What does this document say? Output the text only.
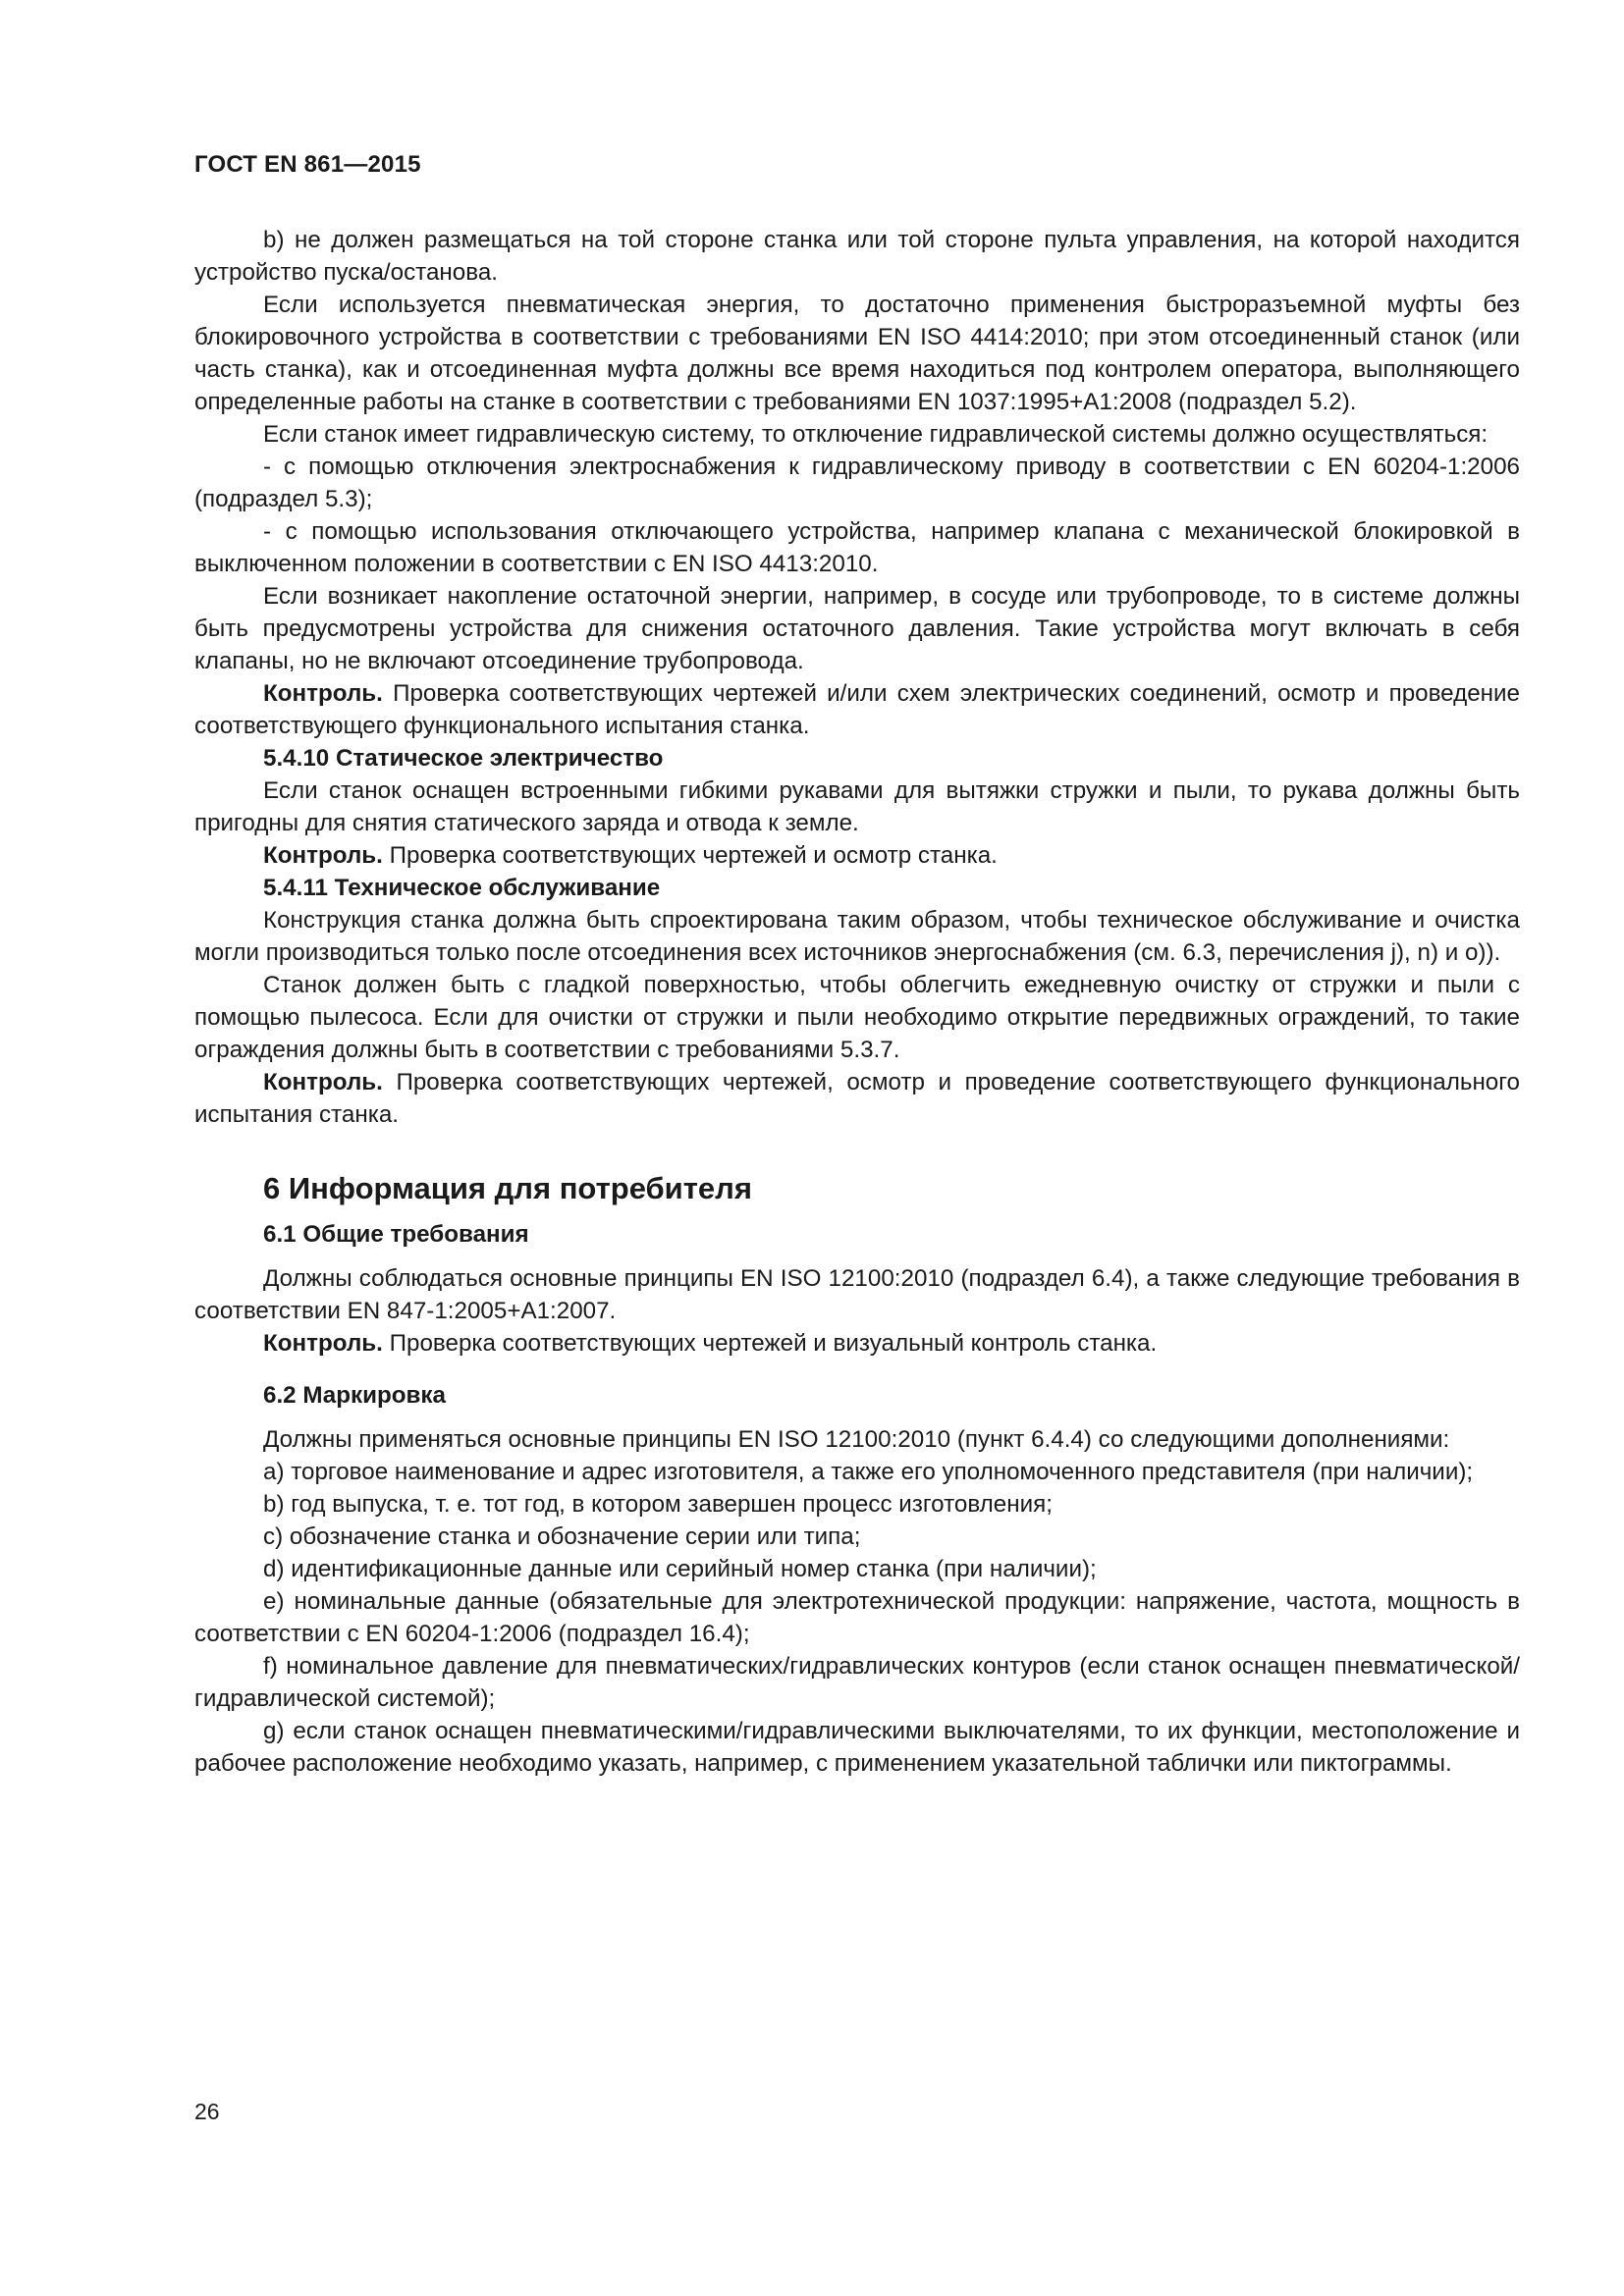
ГОСТ EN 861—2015

b) не должен размещаться на той стороне станка или той стороне пульта управления, на которой находится устройство пуска/останова.

Если используется пневматическая энергия, то достаточно применения быстроразъемной муфты без блокировочного устройства в соответствии с требованиями EN ISO 4414:2010; при этом отсоединенный станок (или часть станка), как и отсоединенная муфта должны все время находиться под контролем оператора, выполняющего определенные работы на станке в соответствии с требованиями EN 1037:1995+A1:2008 (подраздел 5.2).

Если станок имеет гидравлическую систему, то отключение гидравлической системы должно осуществляться:

- с помощью отключения электроснабжения к гидравлическому приводу в соответствии с EN 60204-1:2006 (подраздел 5.3);

- с помощью использования отключающего устройства, например клапана с механической блокировкой в выключенном положении в соответствии с EN ISO 4413:2010.

Если возникает накопление остаточной энергии, например, в сосуде или трубопроводе, то в системе должны быть предусмотрены устройства для снижения остаточного давления. Такие устройства могут включать в себя клапаны, но не включают отсоединение трубопровода.

Контроль. Проверка соответствующих чертежей и/или схем электрических соединений, осмотр и проведение соответствующего функционального испытания станка.

5.4.10 Статическое электричество

Если станок оснащен встроенными гибкими рукавами для вытяжки стружки и пыли, то рукава должны быть пригодны для снятия статического заряда и отвода к земле.

Контроль. Проверка соответствующих чертежей и осмотр станка.

5.4.11 Техническое обслуживание

Конструкция станка должна быть спроектирована таким образом, чтобы техническое обслуживание и очистка могли производиться только после отсоединения всех источников энергоснабжения (см. 6.3, перечисления j), n) и o)).

Станок должен быть с гладкой поверхностью, чтобы облегчить ежедневную очистку от стружки и пыли с помощью пылесоса. Если для очистки от стружки и пыли необходимо открытие передвижных ограждений, то такие ограждения должны быть в соответствии с требованиями 5.3.7.

Контроль. Проверка соответствующих чертежей, осмотр и проведение соответствующего функционального испытания станка.

6 Информация для потребителя
6.1 Общие требования

Должны соблюдаться основные принципы EN ISO 12100:2010 (подраздел 6.4), а также следующие требования в соответствии EN 847-1:2005+A1:2007.

Контроль. Проверка соответствующих чертежей и визуальный контроль станка.

6.2 Маркировка

Должны применяться основные принципы EN ISO 12100:2010 (пункт 6.4.4) со следующими дополнениями:

a) торговое наименование и адрес изготовителя, а также его уполномоченного представителя (при наличии);

b) год выпуска, т. е. тот год, в котором завершен процесс изготовления;

c) обозначение станка и обозначение серии или типа;

d) идентификационные данные или серийный номер станка (при наличии);

e) номинальные данные (обязательные для электротехнической продукции: напряжение, частота, мощность в соответствии с EN 60204-1:2006 (подраздел 16.4);

f) номинальное давление для пневматических/гидравлических контуров (если станок оснащен пневматической/гидравлической системой);

g) если станок оснащен пневматическими/гидравлическими выключателями, то их функции, местоположение и рабочее расположение необходимо указать, например, с применением указательной таблички или пиктограммы.

26
